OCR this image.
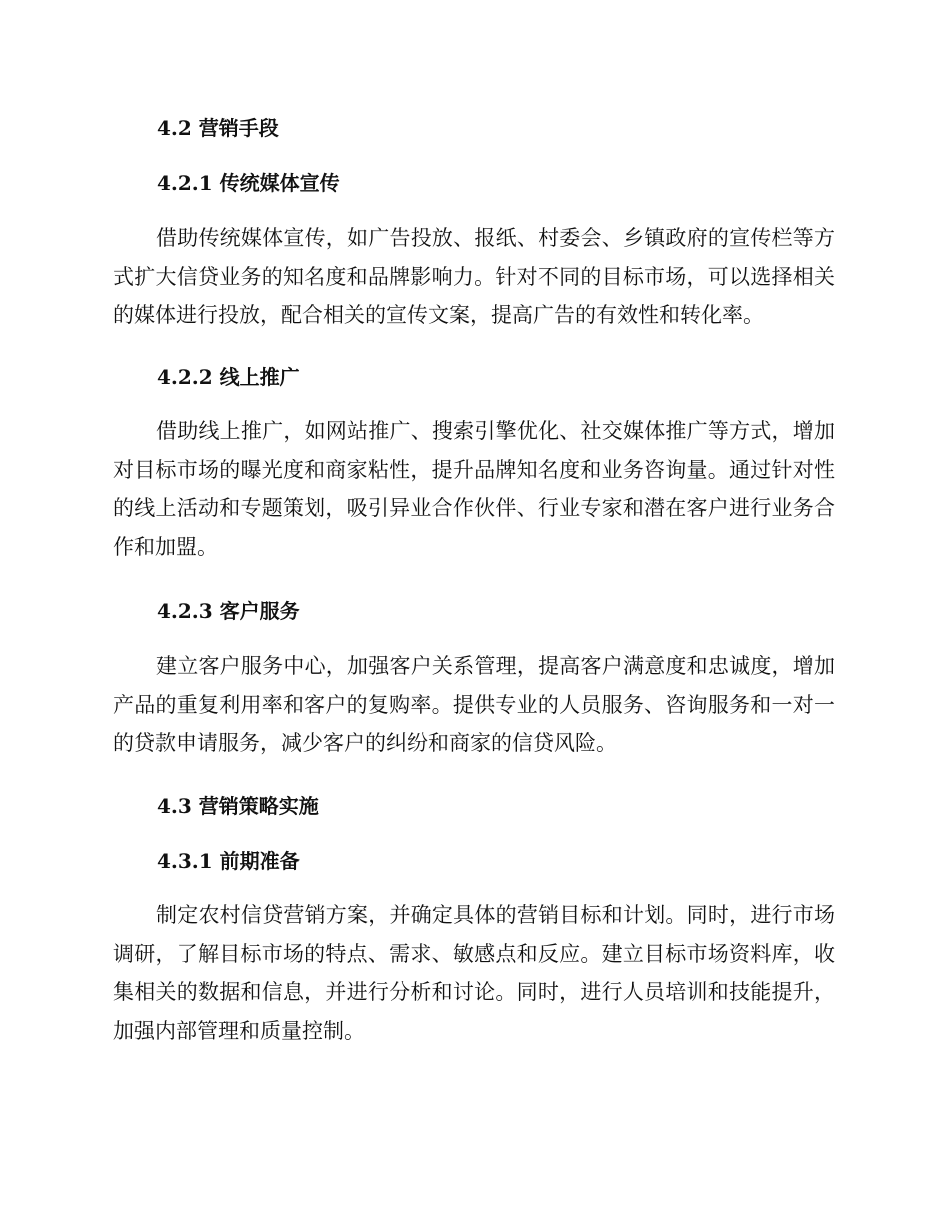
4.2 营销手段
4.2.1 传统媒体宣传

借助传统媒体宣传，如广告投放、报纸、村委会、乡镇政府的宣传栏等方式扩大信贷业务的知名度和品牌影响力。针对不同的目标市场，可以选择相关的媒体进行投放，配合相关的宣传文案，提高广告的有效性和转化率。

4.2.2 线上推广

借助线上推广，如网站推广、搜索引擎优化、社交媒体推广等方式，增加对目标市场的曝光度和商家粘性，提升品牌知名度和业务咨询量。通过针对性的线上活动和专题策划，吸引异业合作伙伴、行业专家和潜在客户进行业务合作和加盟。

4.2.3 客户服务

建立客户服务中心，加强客户关系管理，提高客户满意度和忠诚度，增加产品的重复利用率和客户的复购率。提供专业的人员服务、咨询服务和一对一的贷款申请服务，减少客户的纠纷和商家的信贷风险。

4.3 营销策略实施
4.3.1 前期准备

制定农村信贷营销方案，并确定具体的营销目标和计划。同时，进行市场调研，了解目标市场的特点、需求、敏感点和反应。建立目标市场资料库，收集相关的数据和信息，并进行分析和讨论。同时，进行人员培训和技能提升，加强内部管理和质量控制。
